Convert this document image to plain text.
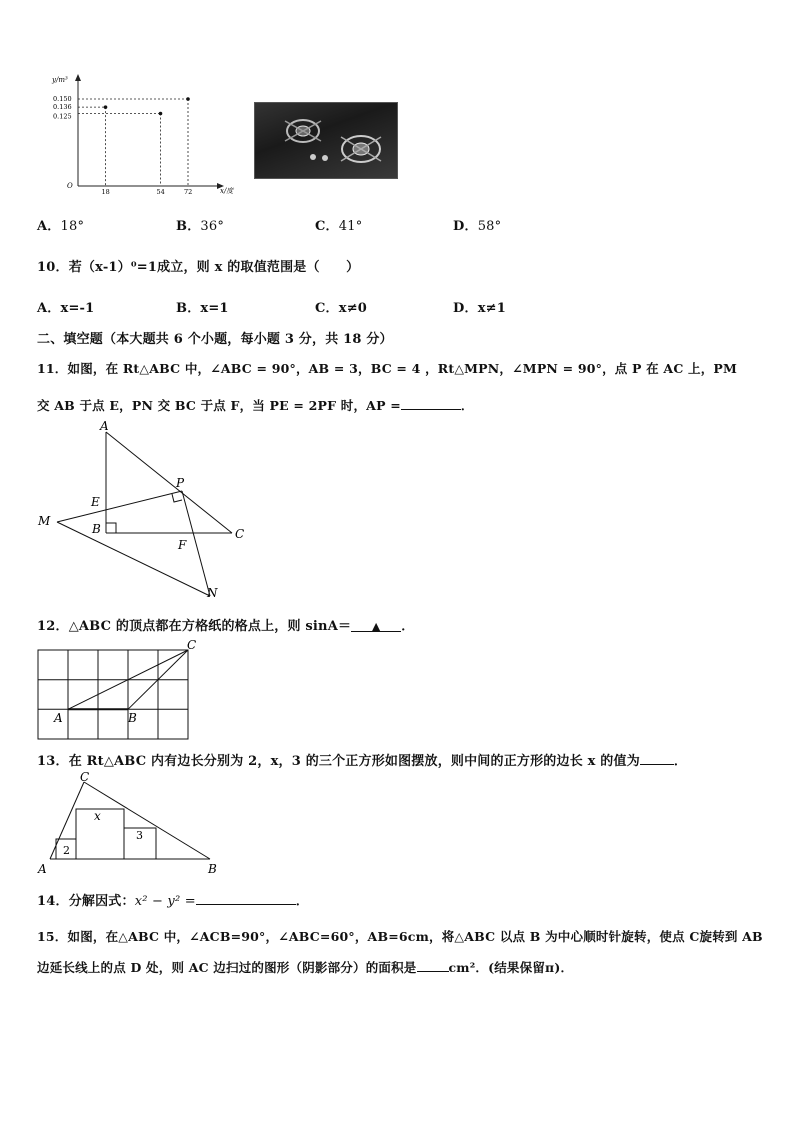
y/m³
x/度
O
18	54	72
0.150
0.136
0.125
A．18°	B．36°	C．41°	D．58°
10．若（x-1）⁰=1成立，则 x 的取值范围是（　　）
A．x=-1	B．x=1	C．x≠0	D．x≠1
二、填空题（本大题共 6 个小题，每小题 3 分，共 18 分）
11．如图，在 Rt△ABC 中，∠ABC = 90°，AB = 3，BC = 4 ，Rt△MPN，∠MPN = 90°，点 P 在 AC 上，PM
交 AB 于点 E，PN 交 BC 于点 F，当 PE = 2PF 时，AP =	．
A
P
E
M
B	C
F
N
12．△ABC 的顶点都在方格纸的格点上，则 sinA＝ ▲ ．
A	B
C
13．在 Rt△ABC 内有边长分别为 2，x，3 的三个正方形如图摆放，则中间的正方形的边长 x 的值为	．
C
A	B
2
x
3
14．分解因式：x² − y² =	．
15．如图，在△ABC 中，∠ACB=90°，∠ABC=60°，AB=6cm，将△ABC 以点 B 为中心顺时针旋转，使点 C旋转到 AB
边延长线上的点 D 处，则 AC 边扫过的图形（阴影部分）的面积是	cm²．(结果保留π)．
